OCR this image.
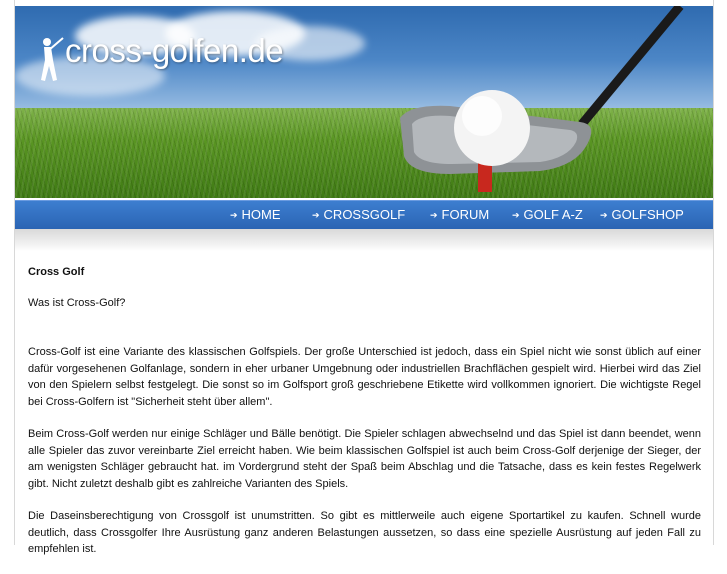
cross-golfen.de
➔ HOME	➔ CROSSGOLF	➔ FORUM	➔ GOLF A-Z ➔ GOLFSHOP
Cross Golf

Was ist Cross-Golf?

Cross-Golf ist eine Variante des klassischen Golfspiels. Der große Unterschied ist jedoch, dass ein Spiel nicht wie sonst üblich auf einer dafür vorgesehenen Golfanlage, sondern in eher urbaner Umgebnung oder industriellen Brachflächen gespielt wird. Hierbei wird das Ziel von den Spielern selbst festgelegt. Die sonst so im Golfsport groß geschriebene Etikette wird vollkommen ignoriert. Die wichtigste Regel bei Cross-Golfern ist "Sicherheit steht über allem".

Beim Cross-Golf werden nur einige Schläger und Bälle benötigt. Die Spieler schlagen abwechselnd und das Spiel ist dann beendet, wenn alle Spieler das zuvor vereinbarte Ziel erreicht haben. Wie beim klassischen Golfspiel ist auch beim Cross-Golf derjenige der Sieger, der am wenigsten Schläger gebraucht hat. im Vordergrund steht der Spaß beim Abschlag und die Tatsache, dass es kein festes Regelwerk gibt. Nicht zuletzt deshalb gibt es zahlreiche Varianten des Spiels.

Die Daseinsberechtigung von Crossgolf ist unumstritten. So gibt es mittlerweile auch eigene Sportartikel zu kaufen. Schnell wurde deutlich, dass Crossgolfer Ihre Ausrüstung ganz anderen Belastungen aussetzen, so dass eine spezielle Ausrüstung auf jeden Fall zu empfehlen ist.
